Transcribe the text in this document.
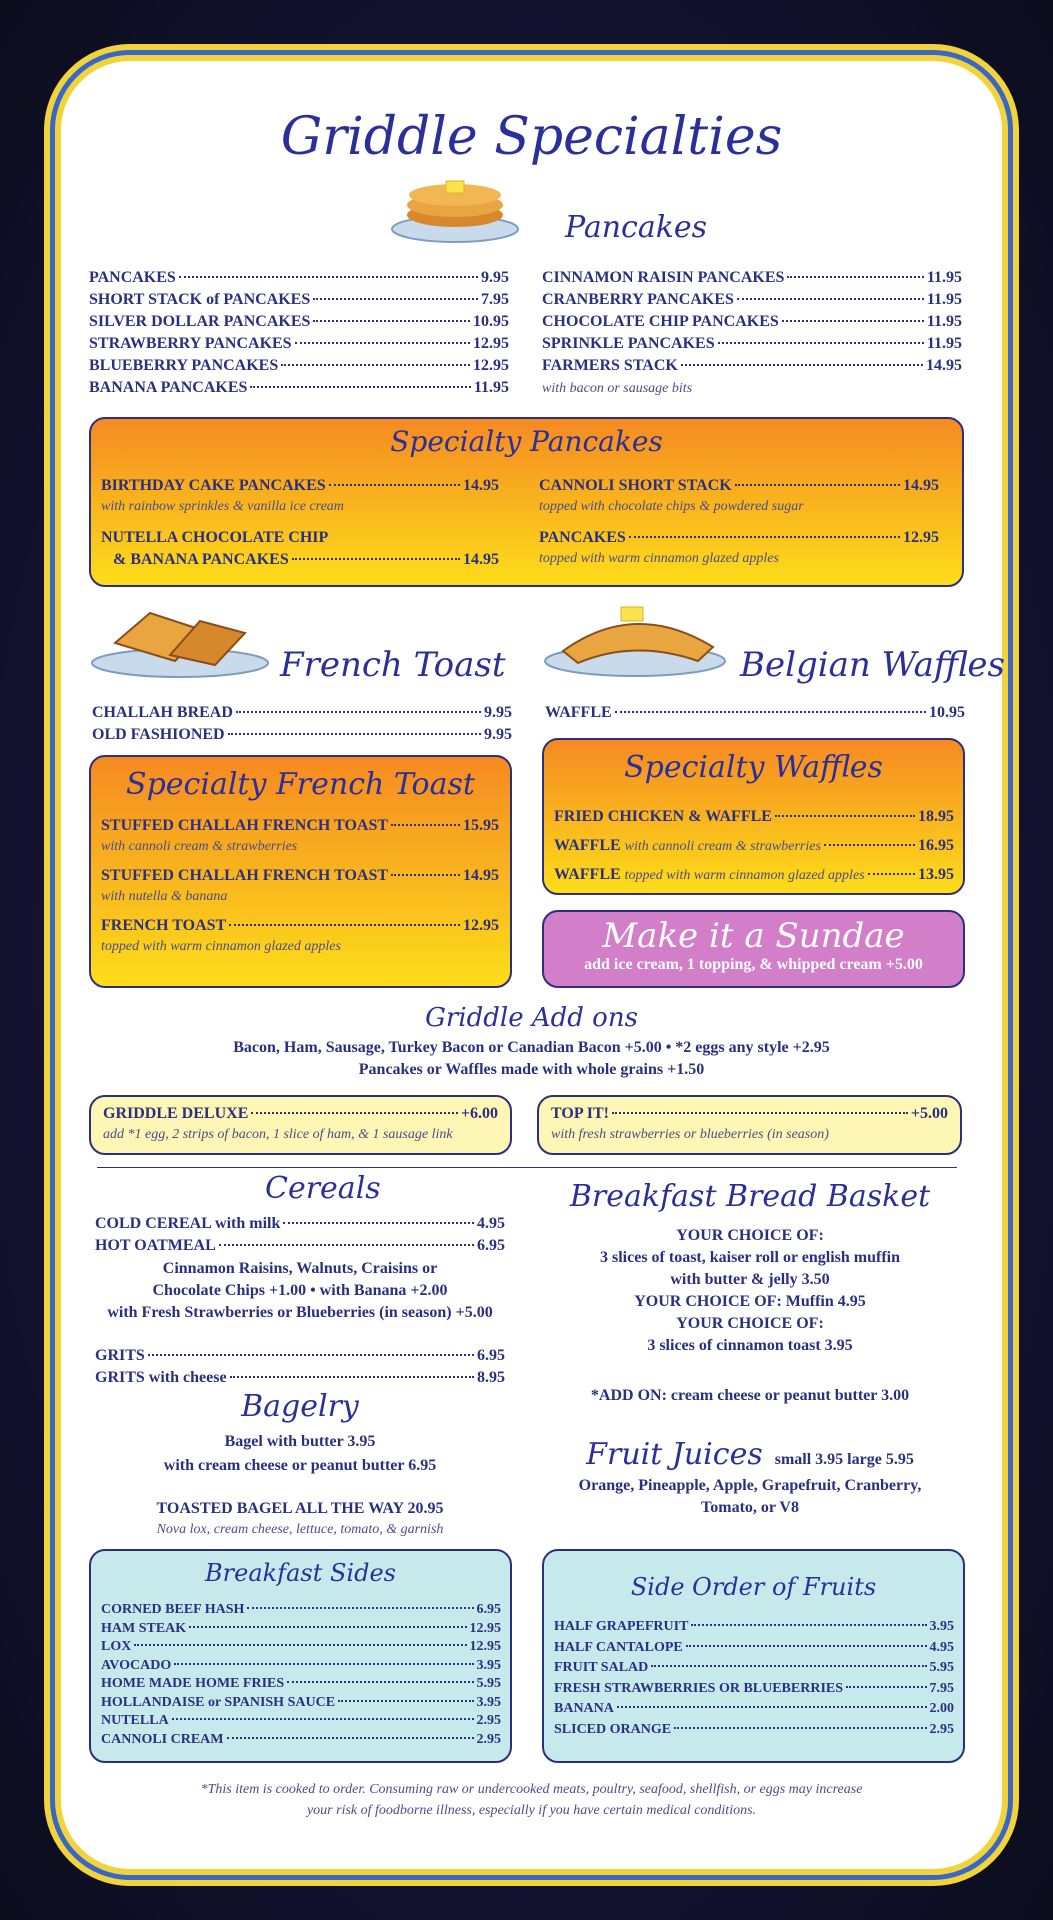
Griddle Specialties
Pancakes
PANCAKES	9.95
SHORT STACK of PANCAKES	7.95
SILVER DOLLAR PANCAKES	10.95
STRAWBERRY PANCAKES	12.95
BLUEBERRY PANCAKES	12.95
BANANA PANCAKES	11.95
CINNAMON RAISIN PANCAKES	11.95
CRANBERRY PANCAKES	11.95
CHOCOLATE CHIP PANCAKES	11.95
SPRINKLE PANCAKES	11.95
FARMERS STACK	14.95
with bacon or sausage bits
Specialty Pancakes
BIRTHDAY CAKE PANCAKES	14.95
with rainbow sprinkles & vanilla ice cream
NUTELLA CHOCOLATE CHIP
& BANANA PANCAKES	14.95
CANNOLI SHORT STACK	14.95
topped with chocolate chips & powdered sugar
PANCAKES	12.95
topped with warm cinnamon glazed apples
French Toast	Belgian Waffles
CHALLAH BREAD	9.95
OLD FASHIONED	9.95
WAFFLE	10.95
Specialty French Toast
STUFFED CHALLAH FRENCH TOAST	15.95
with cannoli cream & strawberries
STUFFED CHALLAH FRENCH TOAST	14.95
with nutella & banana
FRENCH TOAST	12.95
topped with warm cinnamon glazed apples
Specialty Waffles
FRIED CHICKEN & WAFFLE	18.95
WAFFLE
with cannoli cream & strawberries	16.95
WAFFLE
topped with warm cinnamon glazed apples	13.95
Make it a Sundae
add ice cream, 1 topping, & whipped cream +5.00
Griddle Add ons
Bacon, Ham, Sausage, Turkey Bacon or Canadian Bacon +5.00 • *2 eggs any style +2.95
Pancakes or Waffles made with whole grains +1.50
GRIDDLE DELUXE	+6.00
add *1 egg, 2 strips of bacon, 1 slice of ham, & 1 sausage link
TOP IT!	+5.00
with fresh strawberries or blueberries (in season)
Cereals
COLD CEREAL with milk	4.95
HOT OATMEAL	6.95
Cinnamon Raisins, Walnuts, Craisins or
Chocolate Chips +1.00 • with Banana +2.00
with Fresh Strawberries or Blueberries (in season) +5.00
GRITS	6.95
GRITS with cheese	8.95
Bagelry
Bagel with butter 3.95
with cream cheese or peanut butter 6.95
TOASTED BAGEL ALL THE WAY 20.95
Nova lox, cream cheese, lettuce, tomato, & garnish
Breakfast Bread Basket
YOUR CHOICE OF:
3 slices of toast, kaiser roll or english muffin
with butter & jelly 3.50
YOUR CHOICE OF: Muffin 4.95
YOUR CHOICE OF:
3 slices of cinnamon toast 3.95
*ADD ON: cream cheese or peanut butter 3.00
Fruit Juices small 3.95 large 5.95
Orange, Pineapple, Apple, Grapefruit, Cranberry,
Tomato, or V8
Breakfast Sides
CORNED BEEF HASH	6.95
HAM STEAK	12.95
LOX	12.95
AVOCADO	3.95
HOME MADE HOME FRIES	5.95
HOLLANDAISE or SPANISH SAUCE	3.95
NUTELLA	2.95
CANNOLI CREAM	2.95
Side Order of Fruits
HALF GRAPEFRUIT	3.95
HALF CANTALOPE	4.95
FRUIT SALAD	5.95
FRESH STRAWBERRIES OR BLUEBERRIES	7.95
BANANA	2.00
SLICED ORANGE	2.95
*This item is cooked to order. Consuming raw or undercooked meats, poultry, seafood, shellfish, or eggs may increase
your risk of foodborne illness, especially if you have certain medical conditions.
